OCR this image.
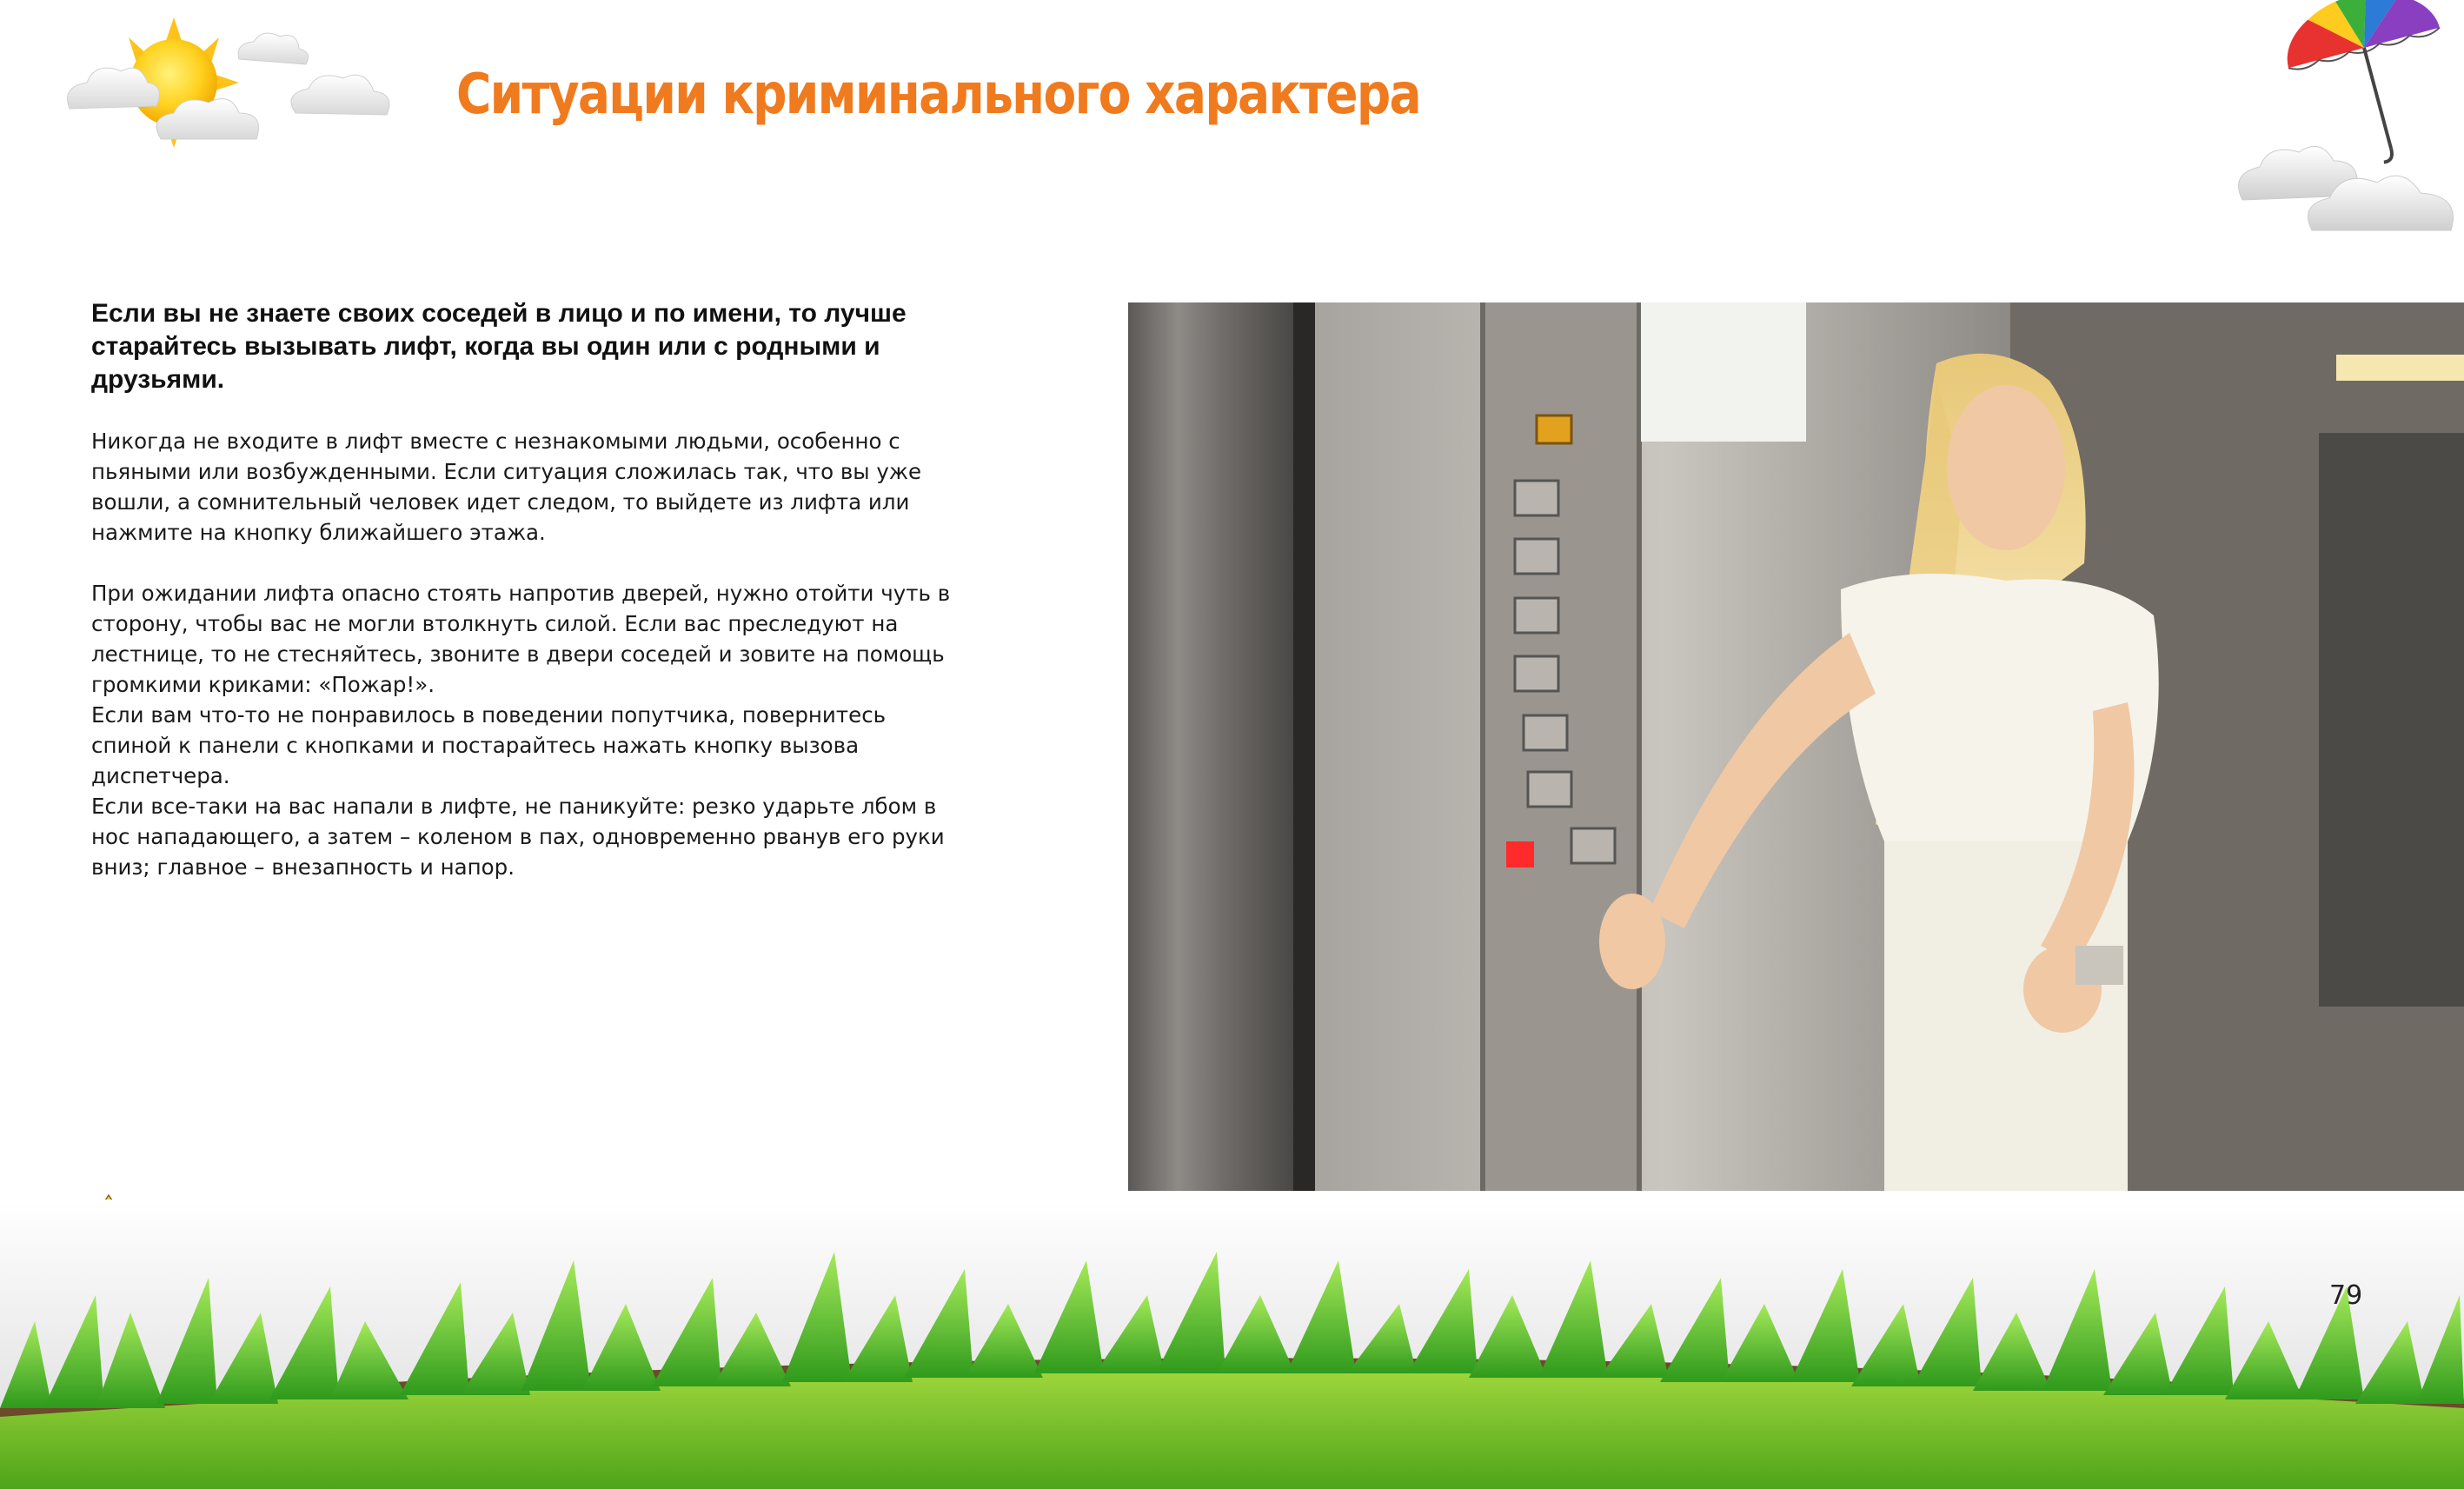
Ситуации криминального характера

Если вы не знаете своих соседей в лицо и по имени, то лучше старайтесь вызывать лифт, когда вы один или с родными и друзьями.

Никогда не входите в лифт вместе с незнакомыми людьми, особенно с пьяными или возбужденными. Если ситуация сложилась так, что вы уже вошли, а сомнительный человек идет следом, то выйдете из лифта или нажмите на кнопку ближайшего этажа.

При ожидании лифта опасно стоять напротив дверей, нужно отойти чуть в сторону, чтобы вас не могли втолкнуть силой. Если вас преследуют на лестнице, то не стесняйтесь, звоните в двери соседей и зовите на помощь громкими криками: «Пожар!».

Если вам что-то не понравилось в поведении попутчика, повернитесь спиной к панели с кнопками и постарайтесь нажать кнопку вызова диспетчера.

Если все-таки на вас напали в лифте, не паникуйте: резко ударьте лбом в нос нападающего, а затем – коленом в пах, одновременно рванув его руки вниз; главное – внезапность и напор.

79
